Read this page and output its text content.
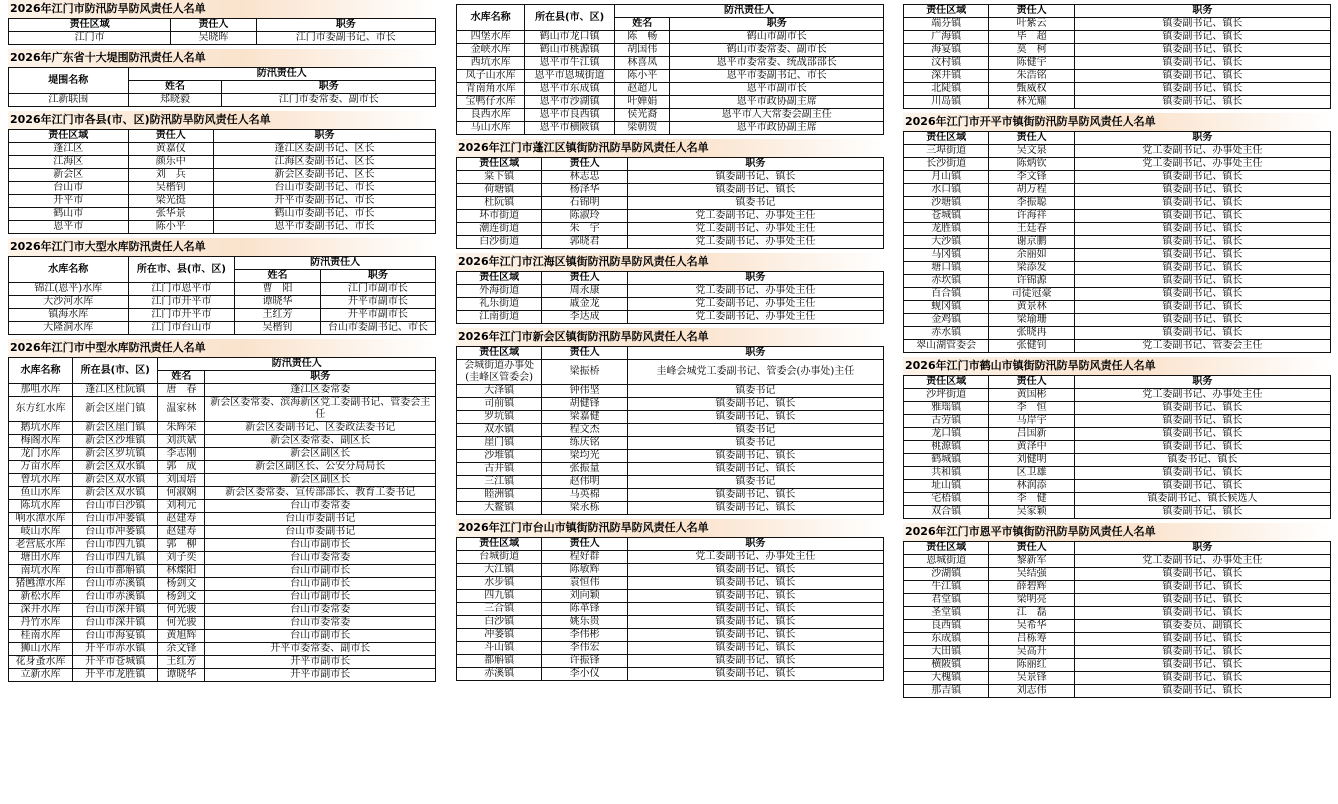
2026年江门市防汛防旱防风责任人名单
责任区域	责任人	职务
江门市	吴晓晖	江门市委副书记、市长
2026年广东省十大堤围防汛责任人名单
堤围名称	防汛责任人	
	姓名	职务
江新联围	郑晓毅	江门市委常委、副市长
2026年江门市各县(市、区)防汛防旱防风责任人名单
责任区域	责任人	职务
蓬江区	黄嘉仪	蓬江区委副书记、区长
江海区	颜乐中	江海区委副书记、区长
新会区	刘　兵	新会区委副书记、区长
台山市	吴楷钊	台山市委副书记、市长
开平市	梁光挺	开平市委副书记、市长
鹤山市	张华景	鹤山市委副书记、市长
恩平市	陈小平	恩平市委副书记、市长
2026年江门市大型水库防汛责任人名单
水库名称	所在市、县(市、区)	防汛责任人	
		姓名	职务
锦江(恩平)水库	江门市恩平市	曹　阳	江门市副市长
大沙河水库	江门市开平市	谭晓华	开平市副市长
镇海水库	江门市开平市	王红芳	开平市副市长
大隆洞水库	江门市台山市	吴楷钊	台山市委副书记、市长
2026年江门市中型水库防汛责任人名单
水库名称	所在县(市、区)	防汛责任人	
		姓名	职务
那咀水库	蓬江区杜阮镇	唐　春	蓬江区委常委
东方红水库	新会区崖门镇	温家林	新会区委常委、滨海新区党工委副书记、管委会主任
鹅坑水库	新会区崖门镇	朱辉荣	新会区委副书记、区委政法委书记
梅阁水库	新会区沙堆镇	刘洪斌	新会区委常委、副区长
龙门水库	新会区罗坑镇	李志刚	新会区副区长
万亩水库	新会区双水镇	郭　成	新会区副区长、公安分局局长
曾坑水库	新会区双水镇	刘国培	新会区副区长
鱼山水库	新会区双水镇	何淑娴	新会区委常委、宣传部部长、教育工委书记
陈坑水库	台山市白沙镇	刘利元	台山市委常委
响水潭水库	台山市冲蒌镇	赵建寿	台山市委副书记
岐山水库	台山市冲蒌镇	赵建寿	台山市委副书记
老营底水库	台山市四九镇	郭　柳	台山市副市长
塘田水库	台山市四九镇	刘子奕	台山市委常委
南坑水库	台山市都斛镇	林燦阳	台山市副市长
猪乸潭水库	台山市赤溪镇	杨剑文	台山市副市长
新松水库	台山市赤溪镇	杨剑文	台山市副市长
深井水库	台山市深井镇	何光骏	台山市委常委
丹竹水库	台山市深井镇	何光骏	台山市委常委
桂南水库	台山市海宴镇	黄旭辉	台山市副市长
狮山水库	开平市赤水镇	余文锋	开平市委常委、副市长
花身蚤水库	开平市苍城镇	王红芳	开平市副市长
立新水库	开平市龙胜镇	谭晓华	开平市副市长
水库名称	所在县(市、区)	防汛责任人	
		姓名	职务
四堡水库	鹤山市龙口镇	陈　畅	鹤山市副市长
金峡水库	鹤山市桃源镇	胡国伟	鹤山市委常委、副市长
西坑水库	恩平市牛江镇	林喜凤	恩平市委常委、统战部部长
凤子山水库	恩平市恩城街道	陈小平	恩平市委副书记、市长
青南角水库	恩平市东成镇	赵超儿	恩平市副市长
宝鸭仔水库	恩平市沙湖镇	叶婵娟	恩平市政协副主席
良西水库	恩平市良西镇	侯光裔	恩平市人大常委会副主任
马山水库	恩平市横陂镇	梁朝贺	恩平市政协副主席
2026年江门市蓬江区镇街防汛防旱防风责任人名单
责任区域	责任人	职务
棠下镇	林志忠	镇委副书记、镇长
荷塘镇	杨泽华	镇委副书记、镇长
杜阮镇	石锦明	镇委书记
环市街道	陈淑玲	党工委副书记、办事处主任
潮连街道	朱　宇	党工委副书记、办事处主任
白沙街道	郭晓君	党工委副书记、办事处主任
2026年江门市江海区镇街防汛防旱防风责任人名单
责任区域	责任人	职务
外海街道	周永康	党工委副书记、办事处主任
礼乐街道	戚金龙	党工委副书记、办事处主任
江南街道	李达成	党工委副书记、办事处主任
2026年江门市新会区镇街防汛防旱防风责任人名单
责任区域	责任人	职务
会城街道办事处(圭峰区管委会)	梁振桥	圭峰会城党工委副书记、管委会(办事处)主任
大泽镇	钟伟坚	镇委书记
司前镇	胡健锋	镇委副书记、镇长
罗坑镇	梁嘉健	镇委副书记、镇长
双水镇	程文杰	镇委书记
崖门镇	练庆铭	镇委书记
沙堆镇	梁均光	镇委副书记、镇长
古井镇	张振量	镇委副书记、镇长
三江镇	赵伟明	镇委书记
睦洲镇	马英棉	镇委副书记、镇长
大鳌镇	梁永栋	镇委副书记、镇长
2026年江门市台山市镇街防汛防旱防风责任人名单
责任区域	责任人	职务
台城街道	程好群	党工委副书记、办事处主任
大江镇	陈敏辉	镇委副书记、镇长
水步镇	袁恒伟	镇委副书记、镇长
四九镇	刘向颖	镇委副书记、镇长
三合镇	陈革锋	镇委副书记、镇长
白沙镇	姚乐贵	镇委副书记、镇长
冲蒌镇	李伟彬	镇委副书记、镇长
斗山镇	李伟宏	镇委副书记、镇长
都斛镇	许振锋	镇委副书记、镇长
赤溪镇	李小仪	镇委副书记、镇长
责任区域	责任人	职务
端芬镇	叶紫云	镇委副书记、镇长
广海镇	毕　超	镇委副书记、镇长
海宴镇	莫　柯	镇委副书记、镇长
汶村镇	陈健宇	镇委副书记、镇长
深井镇	朱浩铭	镇委副书记、镇长
北陡镇	甄威权	镇委副书记、镇长
川岛镇	林光耀	镇委副书记、镇长
2026年江门市开平市镇街防汛防旱防风责任人名单
责任区域	责任人	职务
三埠街道	吴文泉	党工委副书记、办事处主任
长沙街道	陈炳钦	党工委副书记、办事处主任
月山镇	李文锋	镇委副书记、镇长
水口镇	胡万程	镇委副书记、镇长
沙塘镇	李振聪	镇委副书记、镇长
苍城镇	许海祥	镇委副书记、镇长
龙胜镇	王廷春	镇委副书记、镇长
大沙镇	谢京鹏	镇委副书记、镇长
马冈镇	余丽如	镇委副书记、镇长
塘口镇	梁添发	镇委副书记、镇长
赤坎镇	许锦源	镇委副书记、镇长
百合镇	司徒冠豪	镇委副书记、镇长
蚬冈镇	黄景林	镇委副书记、镇长
金鸡镇	梁瑜珊	镇委副书记、镇长
赤水镇	张晓冉	镇委副书记、镇长
翠山湖管委会	张健钊	党工委副书记、管委会主任
2026年江门市鹤山市镇街防汛防旱防风责任人名单
责任区域	责任人	职务
沙坪街道	黄国彬	党工委副书记、办事处主任
雅瑶镇	李　恒	镇委副书记、镇长
古劳镇	马岸宇	镇委副书记、镇长
龙口镇	吕国新	镇委副书记、镇长
桃源镇	黄泽中	镇委副书记、镇长
鹤城镇	刘健明	镇委书记、镇长
共和镇	区卫雄	镇委副书记、镇长
址山镇	林润添	镇委副书记、镇长
宅梧镇	李　健	镇委副书记、镇长候选人
双合镇	吴家颖	镇委副书记、镇长
2026年江门市恩平市镇街防汛防旱防风责任人名单
责任区域	责任人	职务
恩城街道	黎新军	党工委副书记、办事处主任
沙湖镇	吴结强	镇委副书记、镇长
牛江镇	薛碧辉	镇委副书记、镇长
君堂镇	梁明亮	镇委副书记、镇长
圣堂镇	江　磊	镇委副书记、镇长
良西镇	吴希华	镇委委员、副镇长
东成镇	吕栋筹	镇委副书记、镇长
大田镇	吴高升	镇委副书记、镇长
横陂镇	陈丽红	镇委副书记、镇长
大槐镇	吴景锋	镇委副书记、镇长
那吉镇	刘志伟	镇委副书记、镇长
